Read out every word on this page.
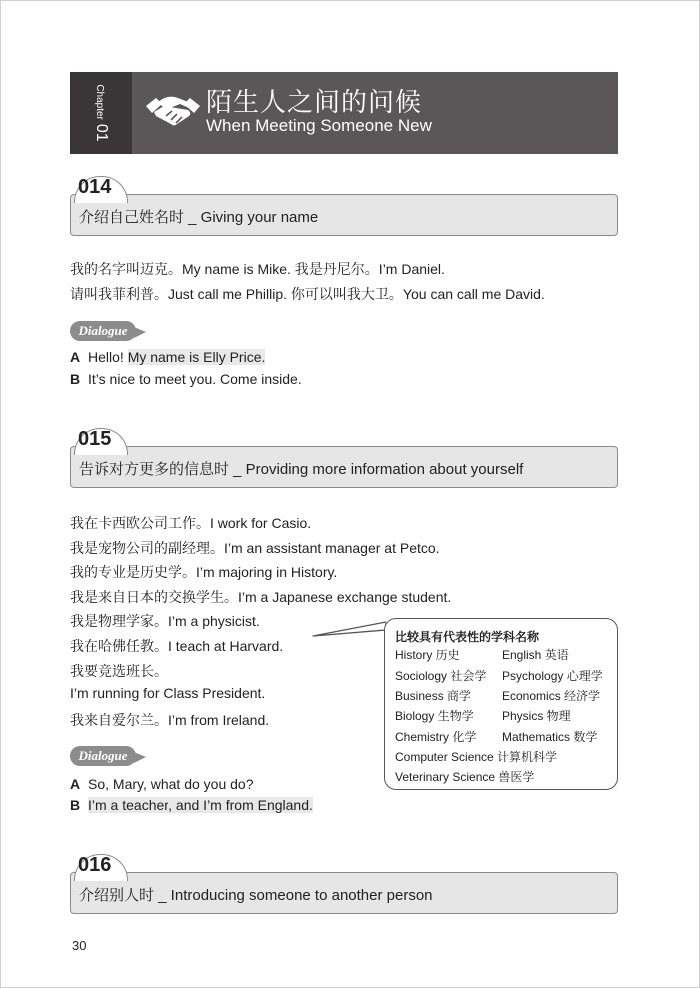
Chapter01
陌生人之间的问候
When Meeting Someone New
014
介绍自己姓名时 _ Giving your name
我的名字叫迈克。My name is Mike. 我是丹尼尔。I’m Daniel.
请叫我菲利普。Just call me Phillip. 你可以叫我大卫。You can call me David.
Dialogue
A Hello! My name is Elly Price.
B It’s nice to meet you. Come inside.
015
告诉对方更多的信息时 _ Providing more information about yourself
我在卡西欧公司工作。I work for Casio.
我是宠物公司的副经理。I’m an assistant manager at Petco.
我的专业是历史学。I’m majoring in History.
我是来自日本的交换学生。I’m a Japanese exchange student.
我是物理学家。I’m a physicist.
我在哈佛任教。I teach at Harvard.
我要竞选班长。
I’m running for Class President.
我来自爱尔兰。I’m from Ireland.
比较具有代表性的学科名称
History 历史
Sociology 社会学
Business 商学
Biology 生物学
Chemistry 化学
Computer Science 计算机科学
Veterinary Science 兽医学
English 英语
Psychology 心理学
Economics 经济学
Physics 物理
Mathematics 数学
Dialogue
A So, Mary, what do you do?
B I’m a teacher, and I’m from England.
016
介绍别人时 _ Introducing someone to another person
30
